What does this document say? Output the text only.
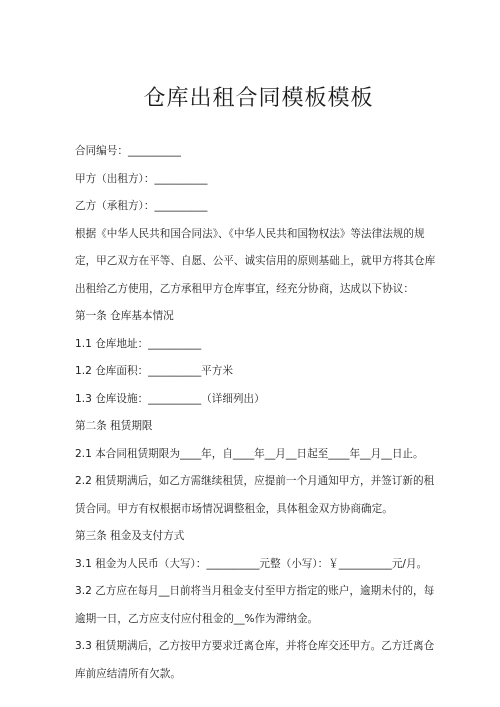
仓库出租合同模板模板
合同编号：__________
甲方（出租方）：__________
乙方（承租方）：__________
根据《中华人民共和国合同法》、《中华人民共和国物权法》等法律法规的规
定，甲乙双方在平等、自愿、公平、诚实信用的原则基础上，就甲方将其仓库
出租给乙方使用，乙方承租甲方仓库事宜，经充分协商，达成以下协议：
第一条 仓库基本情况
1.1 仓库地址：__________
1.2 仓库面积：__________平方米
1.3 仓库设施：__________（详细列出）
第二条 租赁期限
2.1 本合同租赁期限为____年，自____年__月__日起至____年__月__日止。
2.2 租赁期满后，如乙方需继续租赁，应提前一个月通知甲方，并签订新的租
赁合同。甲方有权根据市场情况调整租金，具体租金双方协商确定。
第三条 租金及支付方式
3.1 租金为人民币（大写）：__________元整（小写）：￥__________元/月。
3.2 乙方应在每月__日前将当月租金支付至甲方指定的账户，逾期未付的，每
逾期一日，乙方应支付应付租金的__%作为滞纳金。
3.3 租赁期满后，乙方按甲方要求迁离仓库，并将仓库交还甲方。乙方迁离仓
库前应结清所有欠款。
